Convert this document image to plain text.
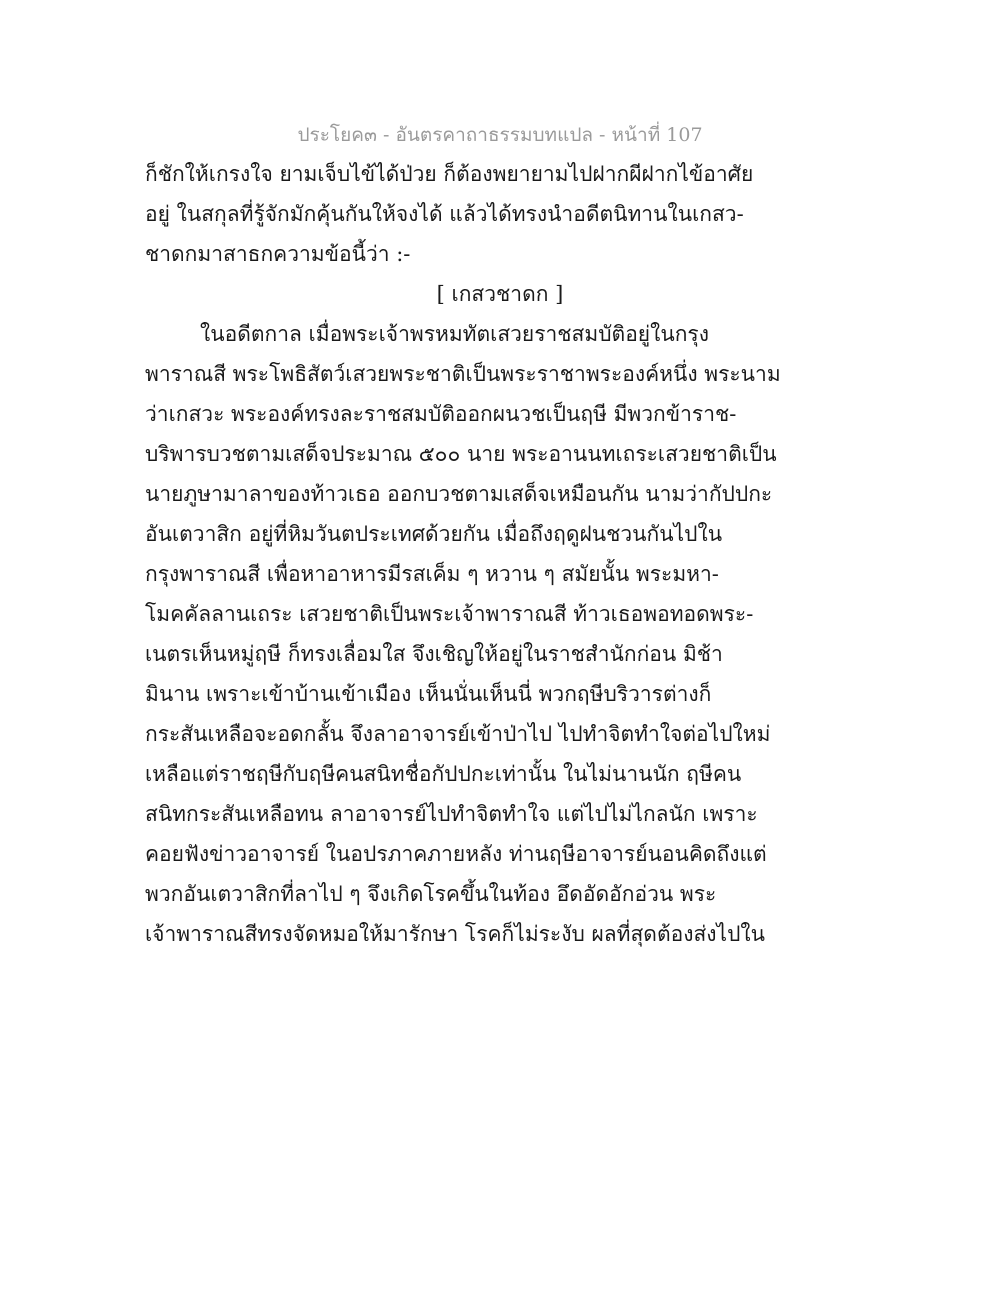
ประโยค๓ - อันตรคาถาธรรมบทแปล - หน้าที่ 107
ก็ชักให้เกรงใจ ยามเจ็บไข้ได้ป่วย ก็ต้องพยายามไปฝากผีฝากไข้อาศัย
อยู่ ในสกุลที่รู้จักมักคุ้นกันให้จงได้ แล้วได้ทรงนำอดีตนิทานในเกสว-
ชาดกมาสาธกความข้อนี้ว่า :-
[ เกสวชาดก ]
ในอดีตกาล เมื่อพระเจ้าพรหมทัตเสวยราชสมบัติอยู่ในกรุง
พาราณสี พระโพธิสัตว์เสวยพระชาติเป็นพระราชาพระองค์หนึ่ง พระนาม
ว่าเกสวะ พระองค์ทรงละราชสมบัติออกผนวชเป็นฤษี มีพวกข้าราช-
บริพารบวชตามเสด็จประมาณ ๕๐๐ นาย พระอานนทเถระเสวยชาติเป็น
นายภูษามาลาของท้าวเธอ ออกบวชตามเสด็จเหมือนกัน นามว่ากัปปกะ
อันเตวาสิก อยู่ที่หิมวันตประเทศด้วยกัน เมื่อถึงฤดูฝนชวนกันไปใน
กรุงพาราณสี เพื่อหาอาหารมีรสเค็ม ๆ หวาน ๆ สมัยนั้น พระมหา-
โมคคัลลานเถระ เสวยชาติเป็นพระเจ้าพาราณสี ท้าวเธอพอทอดพระ-
เนตรเห็นหมู่ฤษี ก็ทรงเลื่อมใส จึงเชิญให้อยู่ในราชสำนักก่อน มิช้า
มินาน เพราะเข้าบ้านเข้าเมือง เห็นนั่นเห็นนี่ พวกฤษีบริวารต่างก็
กระสันเหลือจะอดกลั้น จึงลาอาจารย์เข้าป่าไป ไปทำจิตทำใจต่อไปใหม่
เหลือแต่ราชฤษีกับฤษีคนสนิทชื่อกัปปกะเท่านั้น ในไม่นานนัก ฤษีคน
สนิทกระสันเหลือทน ลาอาจารย์ไปทำจิตทำใจ แต่ไปไม่ไกลนัก เพราะ
คอยฟังข่าวอาจารย์ ในอปรภาคภายหลัง ท่านฤษีอาจารย์นอนคิดถึงแต่
พวกอันเตวาสิกที่ลาไป ๆ จึงเกิดโรคขึ้นในท้อง อึดอัดอักอ่วน พระ
เจ้าพาราณสีทรงจัดหมอให้มารักษา โรคก็ไม่ระงับ ผลที่สุดต้องส่งไปใน
